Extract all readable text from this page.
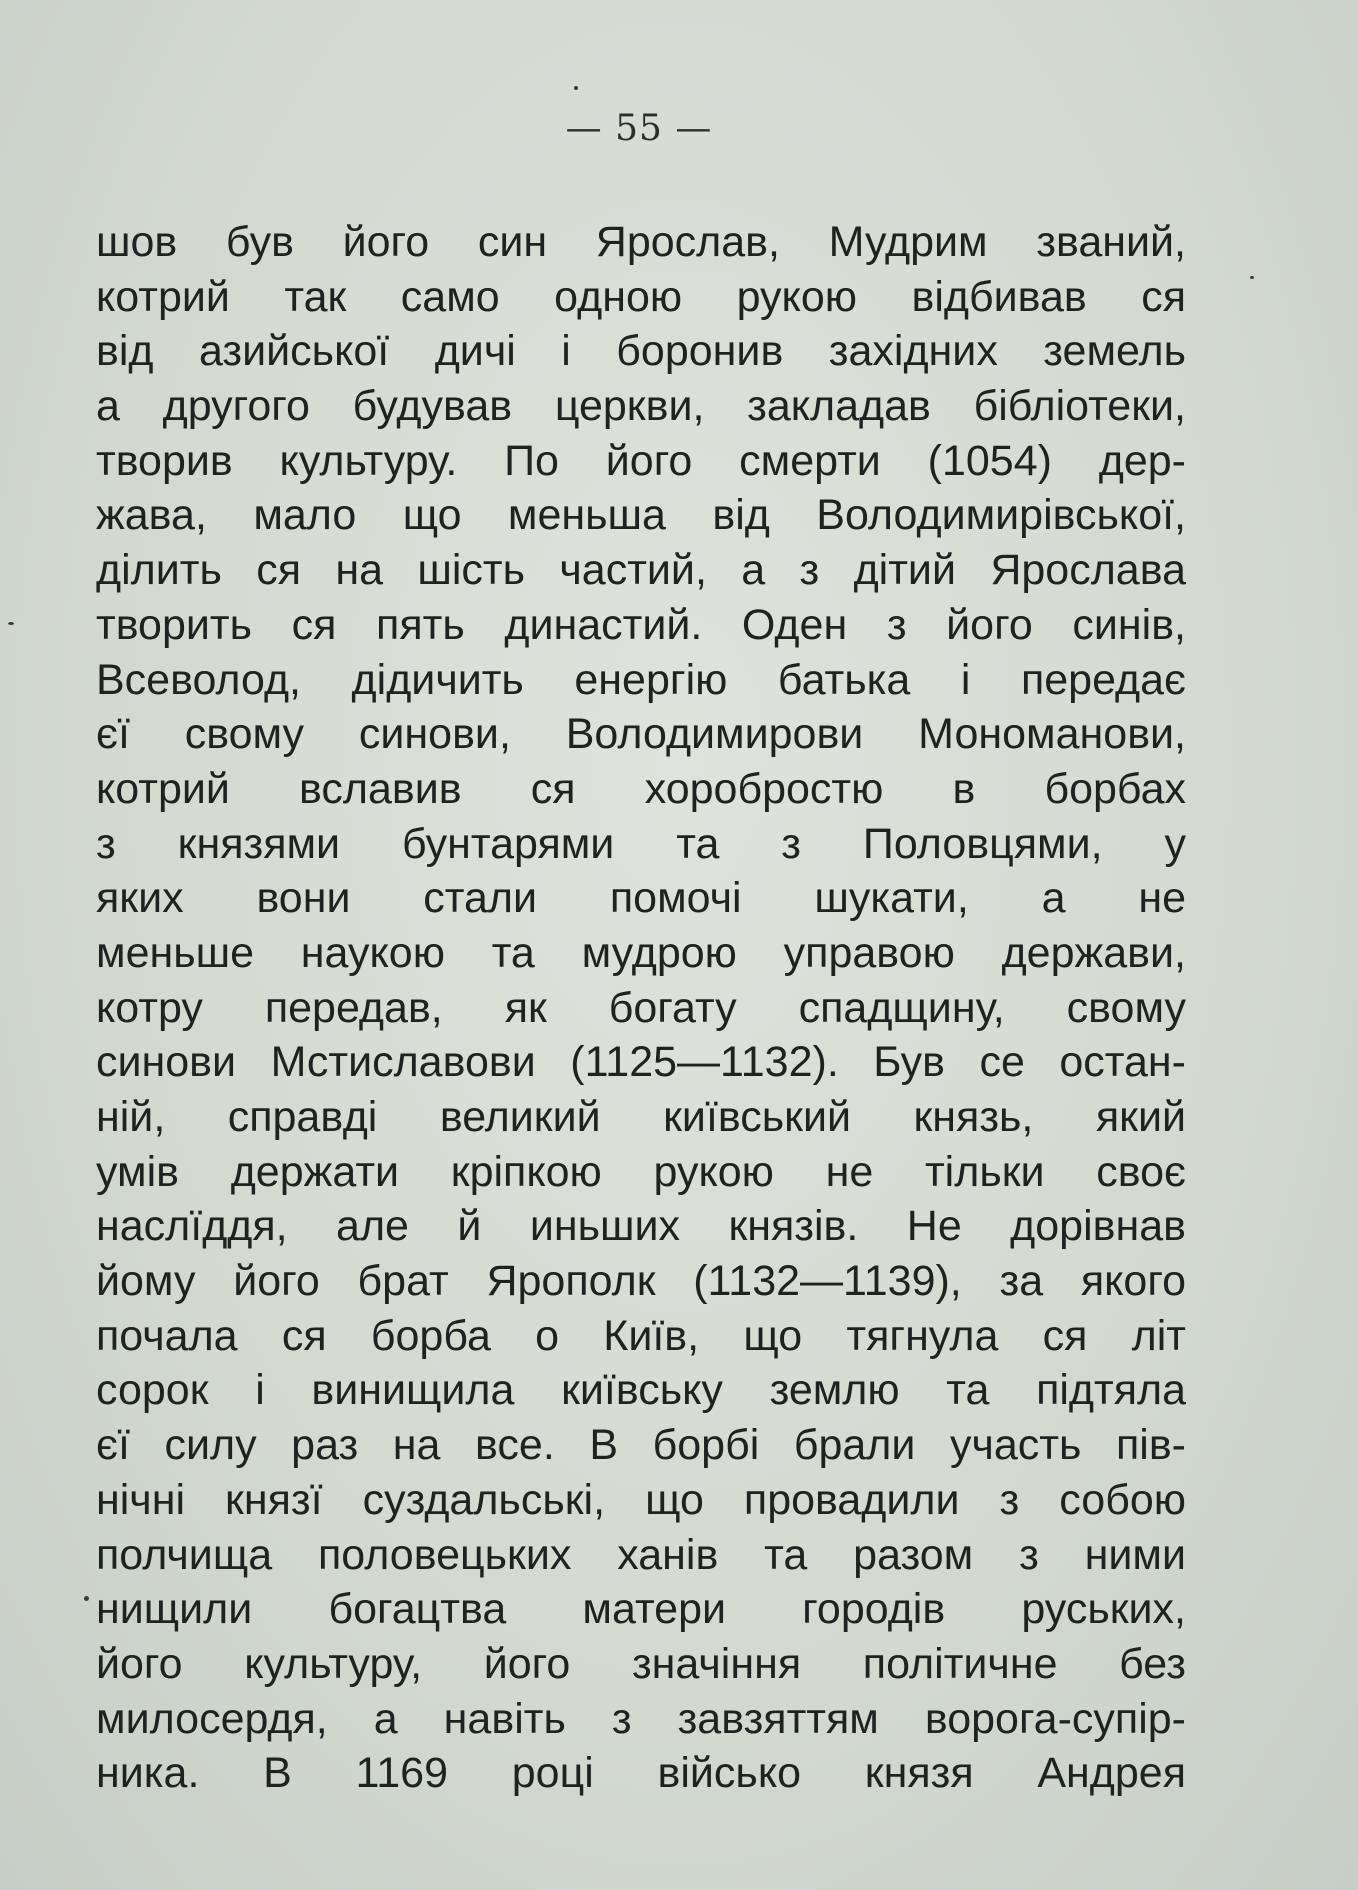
— 55 —
шов був його син Ярослав, Мудрим званий,
котрий так само одною рукою відбивав ся
від азийської дичі і боронив західних земель
а другого будував церкви, закладав бібліотеки,
творив культуру. По його смерти (1054) дер-
жава, мало що меньша від Володимирівської,
ділить ся на шість частий, а з дітий Ярослава
творить ся пять династий. Оден з його синів,
Всеволод, дідичить енергію батька і передає
єї свому синови, Володимирови Мономанови,
котрий вславив ся хоробростю в борбах
з князями бунтарями та з Половцями, у
яких вони стали помочі шукати, а не
меньше наукою та мудрою управою держави,
котру передав, як богату спадщину, свому
синови Мстиславови (1125—1132). Був се остан-
ній, справді великий київський князь, який
умів держати кріпкою рукою не тільки своє
наслїддя, але й иньших князів. Не дорівнав
йому його брат Ярополк (1132—1139), за якого
почала ся борба о Київ, що тягнула ся літ
сорок і винищила київську землю та підтяла
єї силу раз на все. В борбі брали участь пів-
нічні князї суздальські, що провадили з собою
полчища половецьких ханів та разом з ними
нищили богацтва матери городів руських,
його культуру, його значіння політичне без
милосердя, а навіть з завзяттям ворога-супір-
ника. В 1169 році військо князя Андрея
